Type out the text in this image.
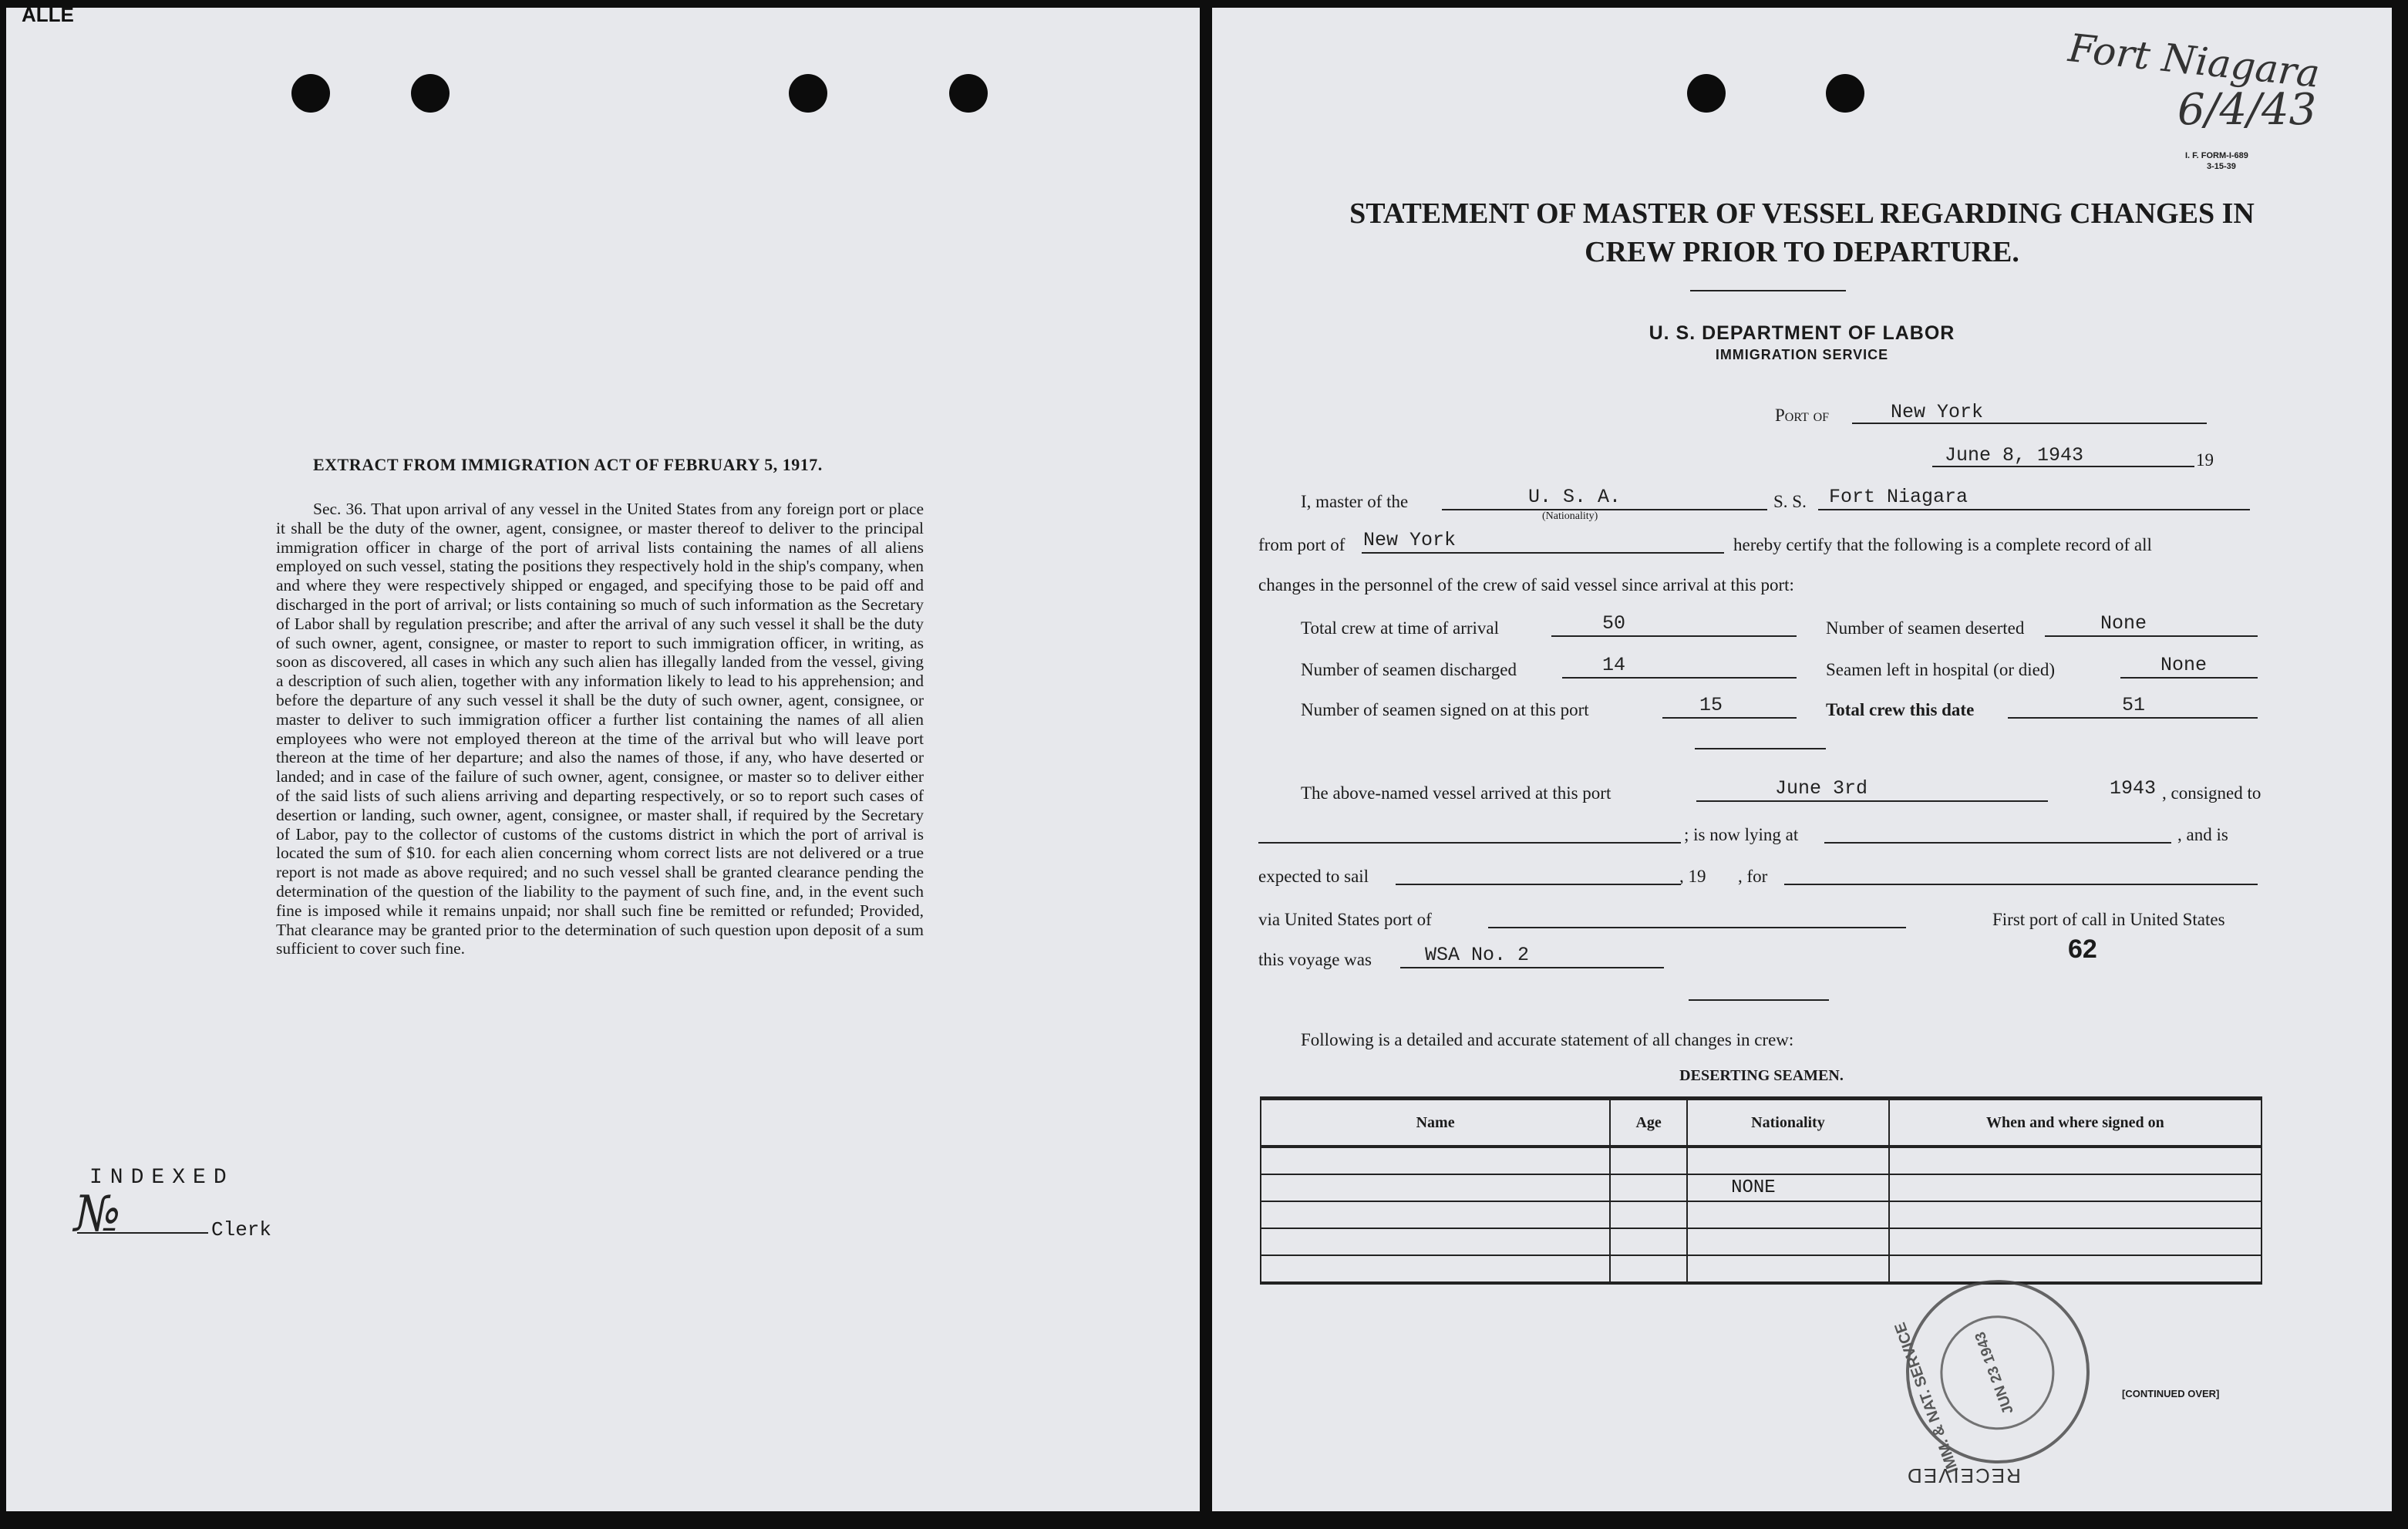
ALLE
EXTRACT FROM IMMIGRATION ACT OF FEBRUARY 5, 1917.

Sec. 36. That upon arrival of any vessel in the United States from any foreign port or place it shall be the duty of the owner, agent, consignee, or master thereof to deliver to the principal immigration officer in charge of the port of arrival lists containing the names of all aliens employed on such vessel, stating the positions they respectively hold in the ship's company, when and where they were respectively shipped or engaged, and specifying those to be paid off and discharged in the port of arrival; or lists containing so much of such information as the Secretary of Labor shall by regulation prescribe; and after the arrival of any such vessel it shall be the duty of such owner, agent, consignee, or master to report to such immigration officer, in writing, as soon as discovered, all cases in which any such alien has illegally landed from the vessel, giving a description of such alien, together with any information likely to lead to his apprehension; and before the departure of any such vessel it shall be the duty of such owner, agent, consignee, or master to deliver to such immigration officer a further list containing the names of all alien employees who were not employed thereon at the time of the arrival but who will leave port thereon at the time of her departure; and also the names of those, if any, who have deserted or landed; and in case of the failure of such owner, agent, consignee, or master so to deliver either of the said lists of such aliens arriving and departing respectively, or so to report such cases of desertion or landing, such owner, agent, consignee, or master shall, if required by the Secretary of Labor, pay to the collector of customs of the customs district in which the port of arrival is located the sum of $10. for each alien concerning whom correct lists are not delivered or a true report is not made as above required; and no such vessel shall be granted clearance pending the determination of the question of the liability to the payment of such fine, and, in the event such fine is imposed while it remains unpaid; nor shall such fine be remitted or refunded; Provided, That clearance may be granted prior to the determination of such question upon deposit of a sum sufficient to cover such fine.

INDEXED
№	Clerk
Fort Niagara
6/4/43
I. F. FORM-I-689
3-15-39
STATEMENT OF MASTER OF VESSEL REGARDING CHANGES IN
CREW PRIOR TO DEPARTURE.
U. S. DEPARTMENT OF LABOR
IMMIGRATION SERVICE
Port of	New York
June 8, 1943	19
I, master of the	U. S. A.
(Nationality)
S. S. Fort Niagara
from port of New York	hereby certify that the following is a complete record of all
changes in the personnel of the crew of said vessel since arrival at this port:
Total crew at time of arrival	50	Number of seamen deserted	None
Number of seamen discharged	14	Seamen left in hospital (or died)	None
Number of seamen signed on at this port	15	Total crew this date	51
The above-named vessel arrived at this port	June 3rd	1943 , consigned to
; is now lying at	, and is
expected to sail	, 19 , for
via United States port of	First port of call in United States
this voyage was	WSA No. 2	62
Following is a detailed and accurate statement of all changes in crew:
DESERTING SEAMEN.
Name	Age	Nationality	When and where signed on

		NONE	

IMM. & NAT. SERVICE JUN 23 1943
RECEIVED
[CONTINUED OVER]
